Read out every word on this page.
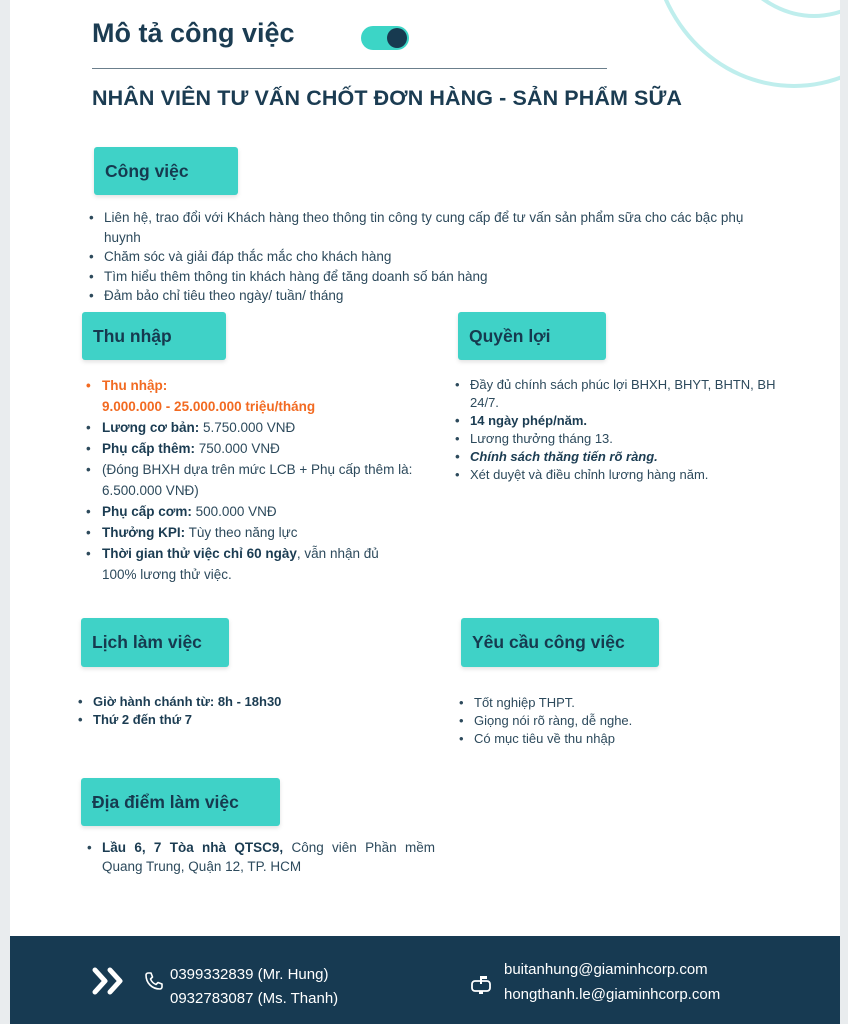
Mô tả công việc
NHÂN VIÊN TƯ VẤN CHỐT ĐƠN HÀNG - SẢN PHẨM SỮA
Công việc
• Liên hệ, trao đổi với Khách hàng theo thông tin công ty cung cấp để tư vấn sản phẩm sữa cho các bậc phụ huynh
• Chăm sóc và giải đáp thắc mắc cho khách hàng
• Tìm hiểu thêm thông tin khách hàng để tăng doanh số bán hàng
• Đảm bảo chỉ tiêu theo ngày/ tuần/ tháng
Thu nhập
• Thu nhập:
9.000.000 - 25.000.000 triệu/tháng
• Lương cơ bản: 5.750.000 VNĐ
• Phụ cấp thêm: 750.000 VNĐ
• (Đóng BHXH dựa trên mức LCB + Phụ cấp thêm là: 6.500.000 VNĐ)
• Phụ cấp cơm: 500.000 VNĐ
• Thưởng KPI: Tùy theo năng lực
• Thời gian thử việc chỉ 60 ngày, vẫn nhận đủ 100% lương thử việc.
Quyền lợi
• Đầy đủ chính sách phúc lợi BHXH, BHYT, BHTN, BH 24/7.
• 14 ngày phép/năm.
• Lương thưởng tháng 13.
• Chính sách thăng tiến rõ ràng.
• Xét duyệt và điều chỉnh lương hàng năm.
Lịch làm việc
• Giờ hành chánh từ: 8h - 18h30
• Thứ 2 đến thứ 7
Yêu cầu công việc
• Tốt nghiệp THPT.
• Giọng nói rõ ràng, dễ nghe.
• Có mục tiêu về thu nhập
Địa điểm làm việc
• Lầu 6, 7 Tòa nhà QTSC9, Công viên Phần mềm Quang Trung, Quận 12, TP. HCM
0399332839 (Mr. Hung)
0932783087 (Ms. Thanh)
buitanhung@giaminhcorp.com
hongthanh.le@giaminhcorp.com
